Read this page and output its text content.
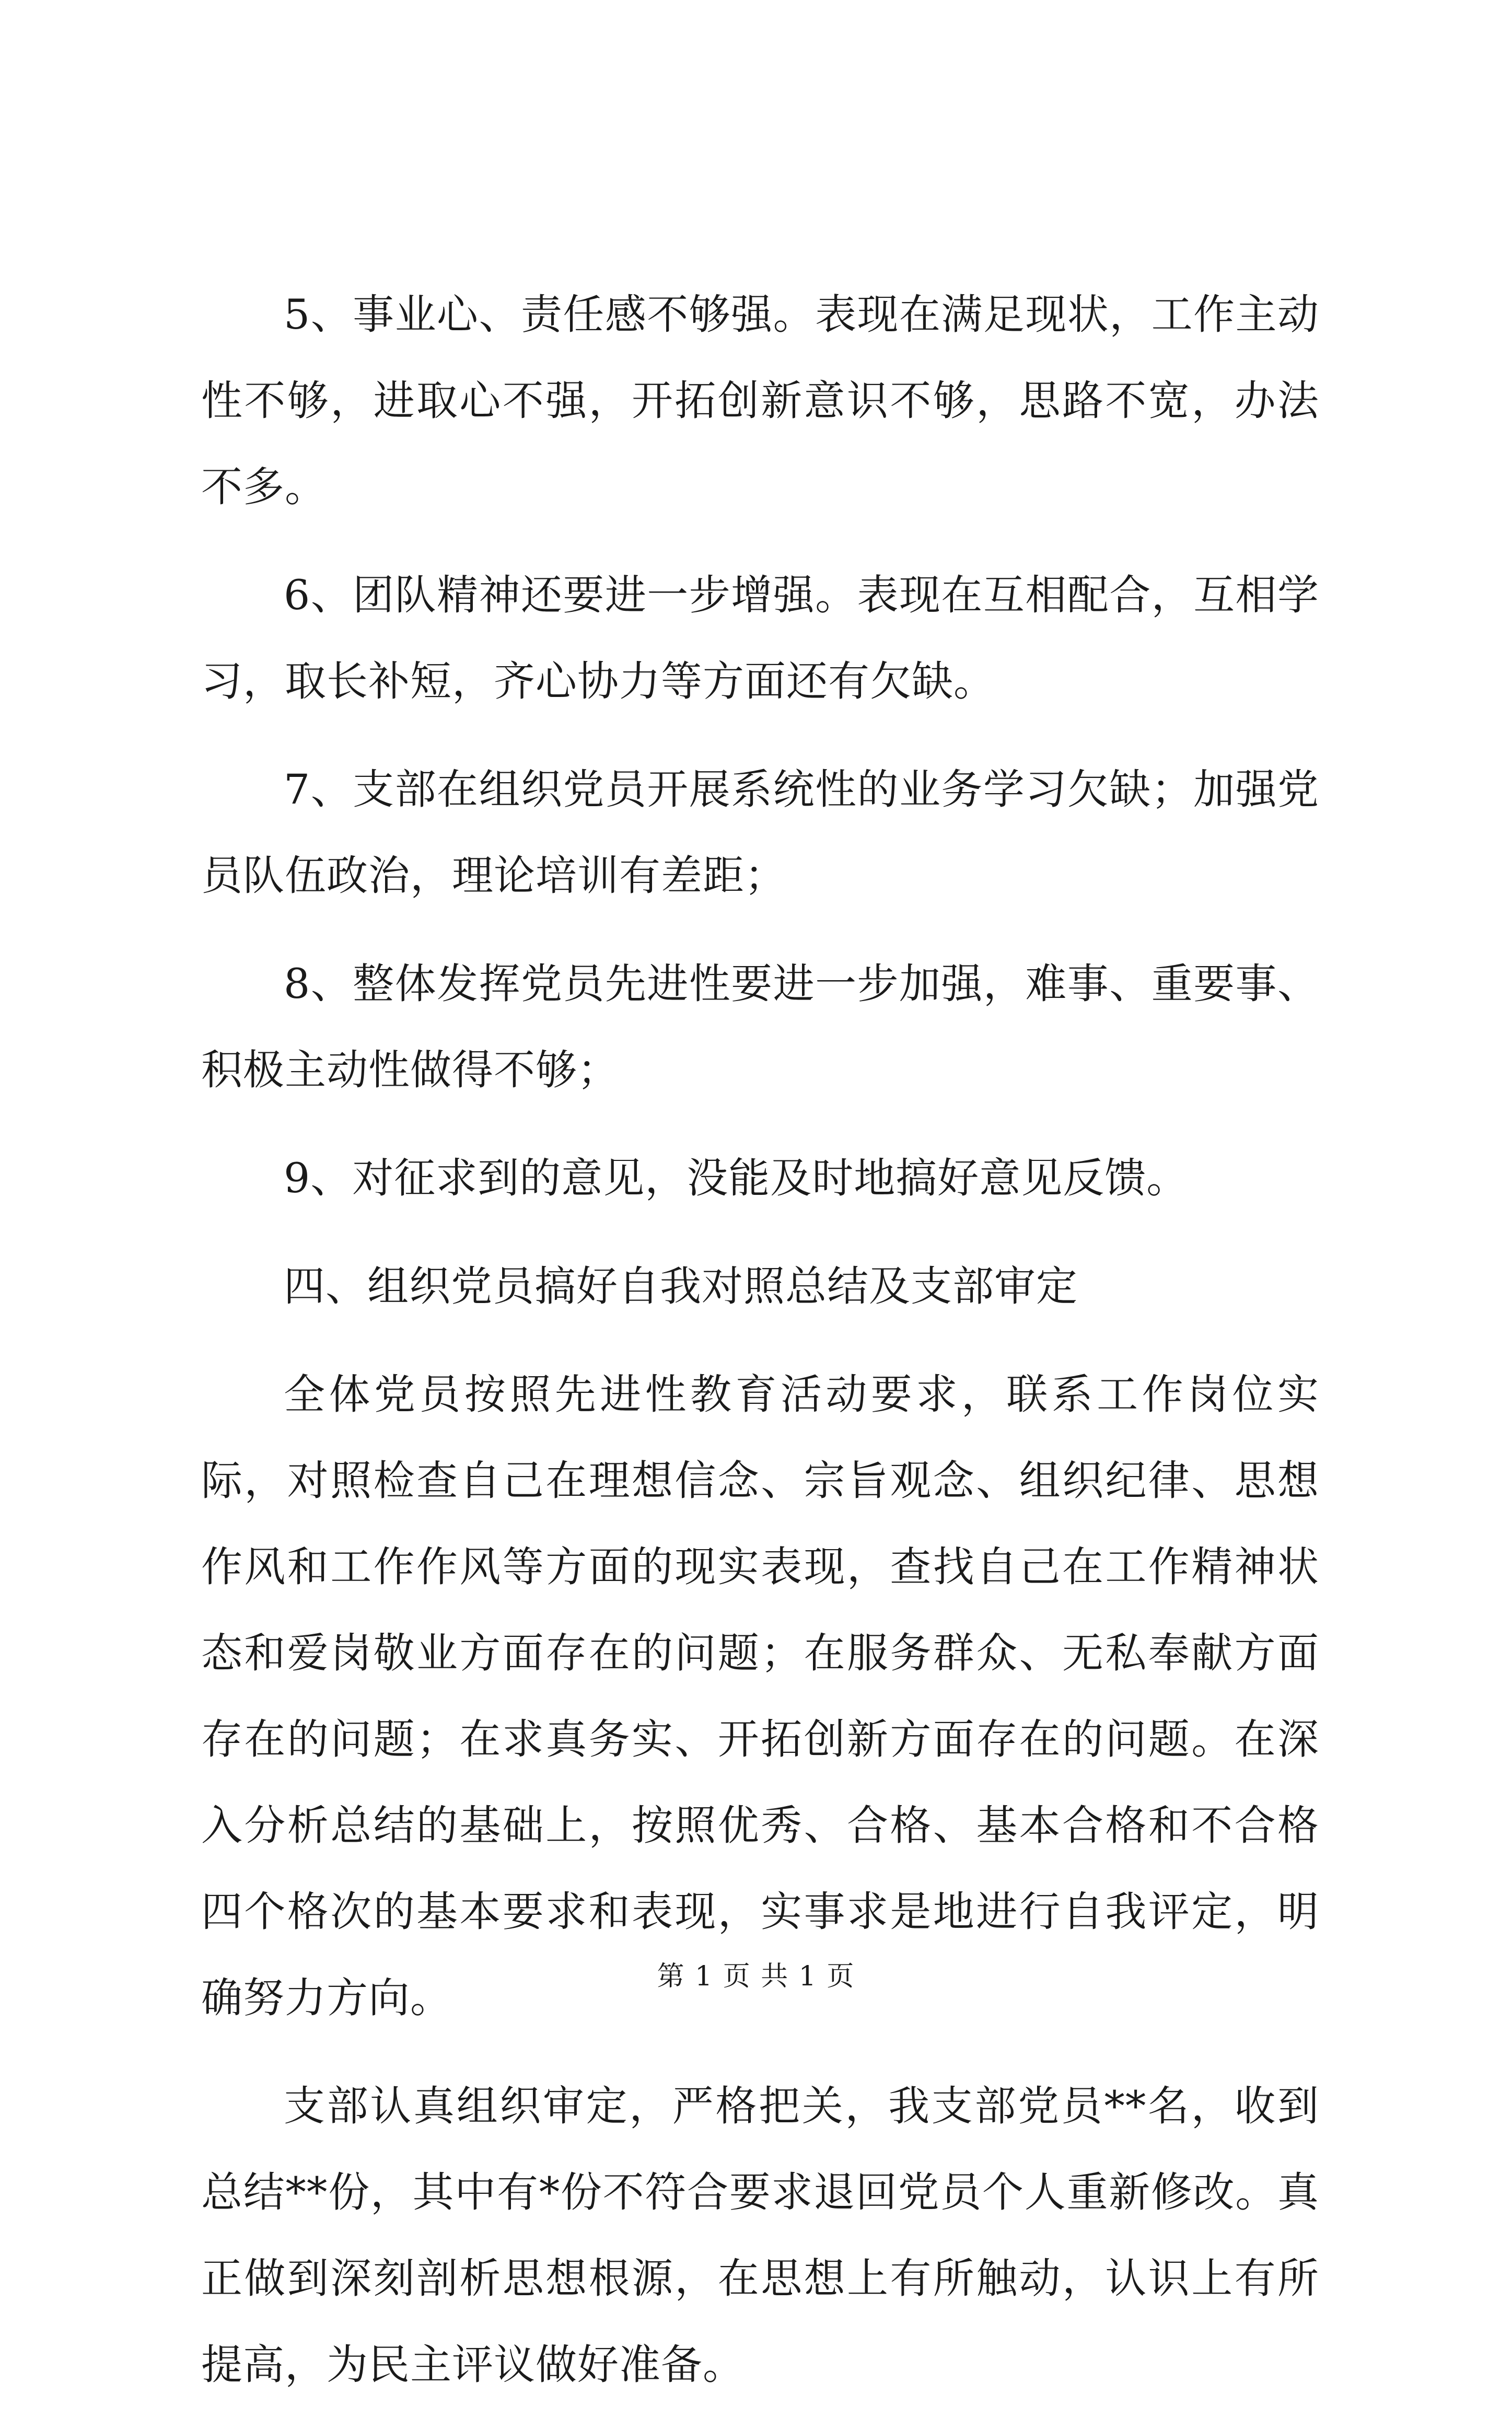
5、事业心、责任感不够强。表现在满足现状，工作主动性不够，进取心不强，开拓创新意识不够，思路不宽，办法不多。

6、团队精神还要进一步增强。表现在互相配合，互相学习，取长补短，齐心协力等方面还有欠缺。

7、支部在组织党员开展系统性的业务学习欠缺；加强党员队伍政治，理论培训有差距；

8、整体发挥党员先进性要进一步加强，难事、重要事、积极主动性做得不够；

9、对征求到的意见，没能及时地搞好意见反馈。

四、组织党员搞好自我对照总结及支部审定

全体党员按照先进性教育活动要求，联系工作岗位实际，对照检查自己在理想信念、宗旨观念、组织纪律、思想作风和工作作风等方面的现实表现，查找自己在工作精神状态和爱岗敬业方面存在的问题；在服务群众、无私奉献方面存在的问题；在求真务实、开拓创新方面存在的问题。在深入分析总结的基础上，按照优秀、合格、基本合格和不合格四个格次的基本要求和表现，实事求是地进行自我评定，明确努力方向。

支部认真组织审定，严格把关，我支部党员**名，收到总结**份，其中有*份不符合要求退回党员个人重新修改。真正做到深刻剖析思想根源，在思想上有所触动，认识上有所提高，为民主评议做好准备。

第 1 页 共 1 页
